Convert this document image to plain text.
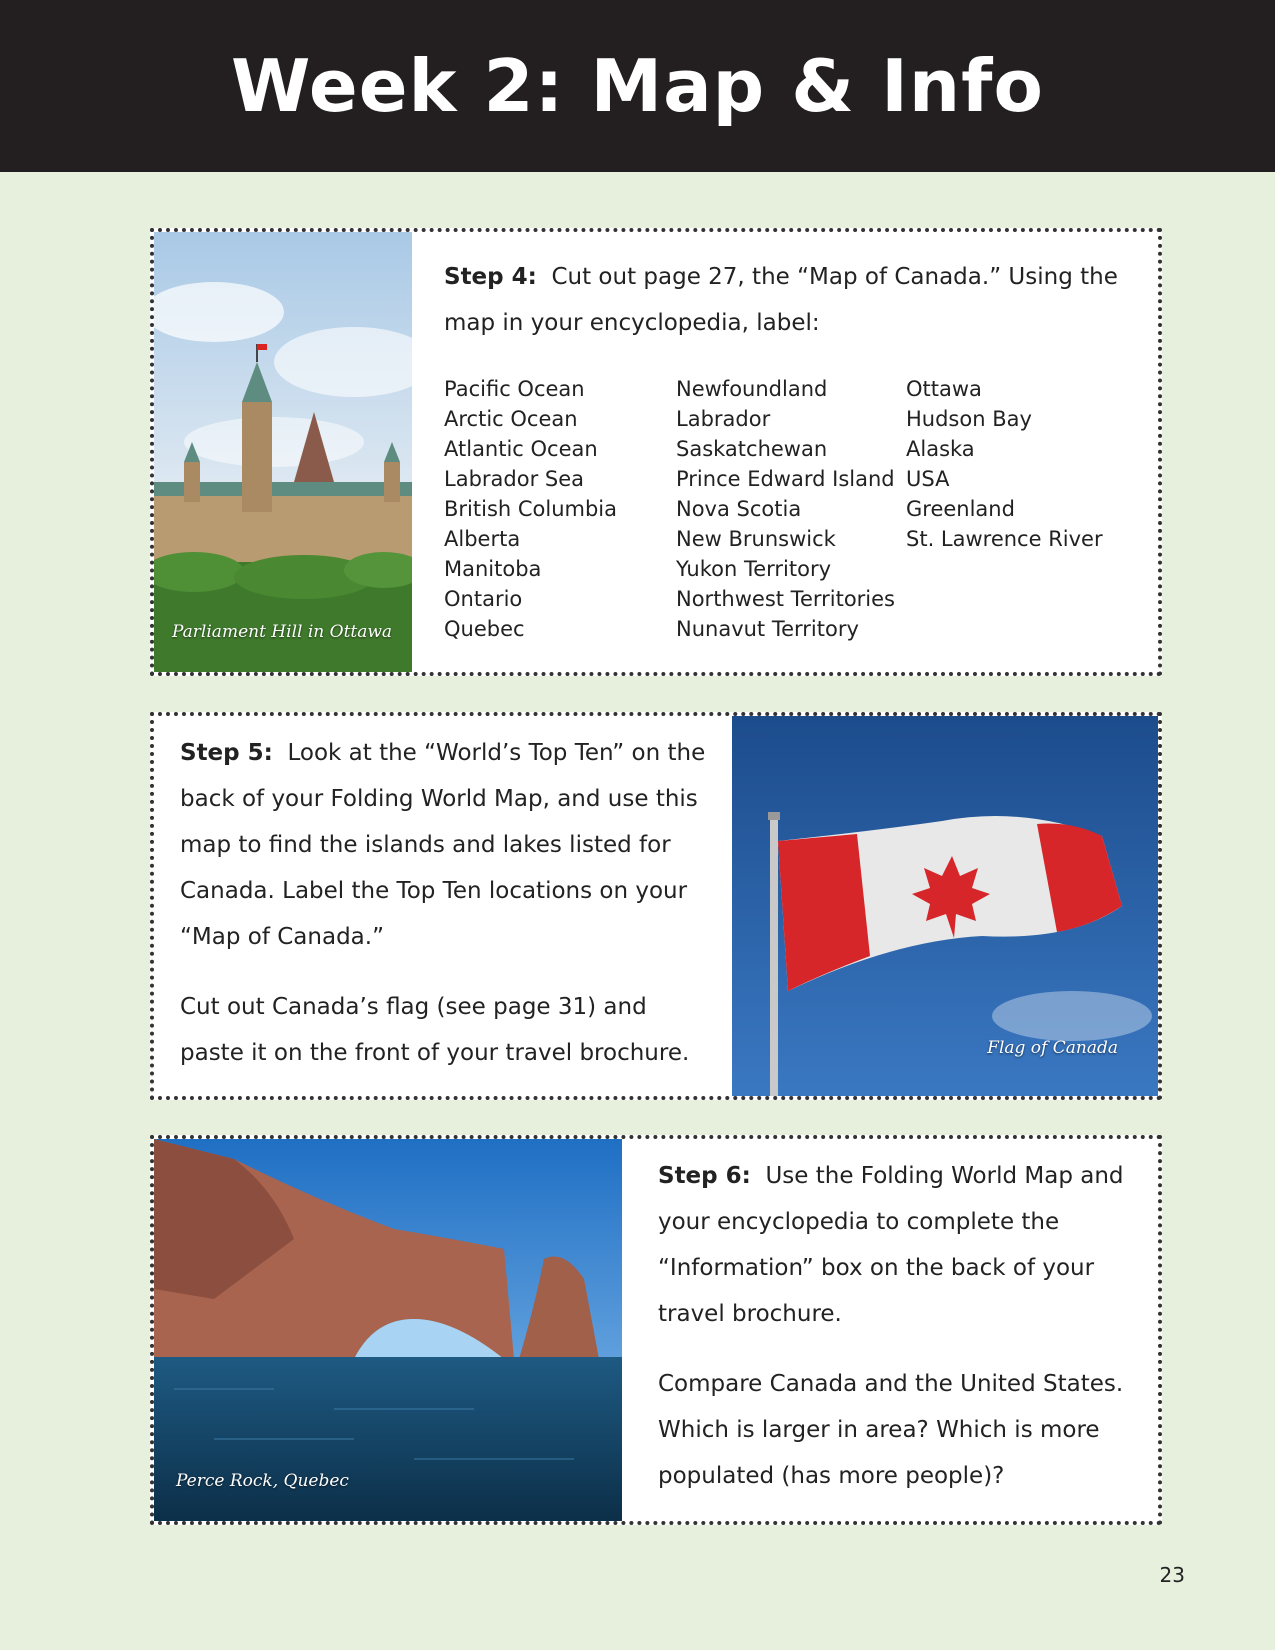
Week 2: Map & Info
Parliament Hill in Ottawa

Step 4: Cut out page 27, the “Map of Canada.” Using the map in your encyclopedia, label:

Pacific Ocean
Arctic Ocean
Atlantic Ocean
Labrador Sea
British Columbia
Alberta
Manitoba
Ontario
Quebec
Newfoundland
Labrador
Saskatchewan
Prince Edward Island
Nova Scotia
New Brunswick
Yukon Territory
Northwest Territories
Nunavut Territory
Ottawa
Hudson Bay
Alaska
USA
Greenland
St. Lawrence River

Step 5: Look at the “World’s Top Ten” on the back of your Folding World Map, and use this map to find the islands and lakes listed for Canada. Label the Top Ten locations on your “Map of Canada.”

Cut out Canada’s flag (see page 31) and paste it on the front of your travel brochure.	Flag of Canada
Perce Rock, Quebec

Step 6: Use the Folding World Map and your encyclopedia to complete the “Information” box on the back of your travel brochure.

Compare Canada and the United States. Which is larger in area? Which is more populated (has more people)?

23
